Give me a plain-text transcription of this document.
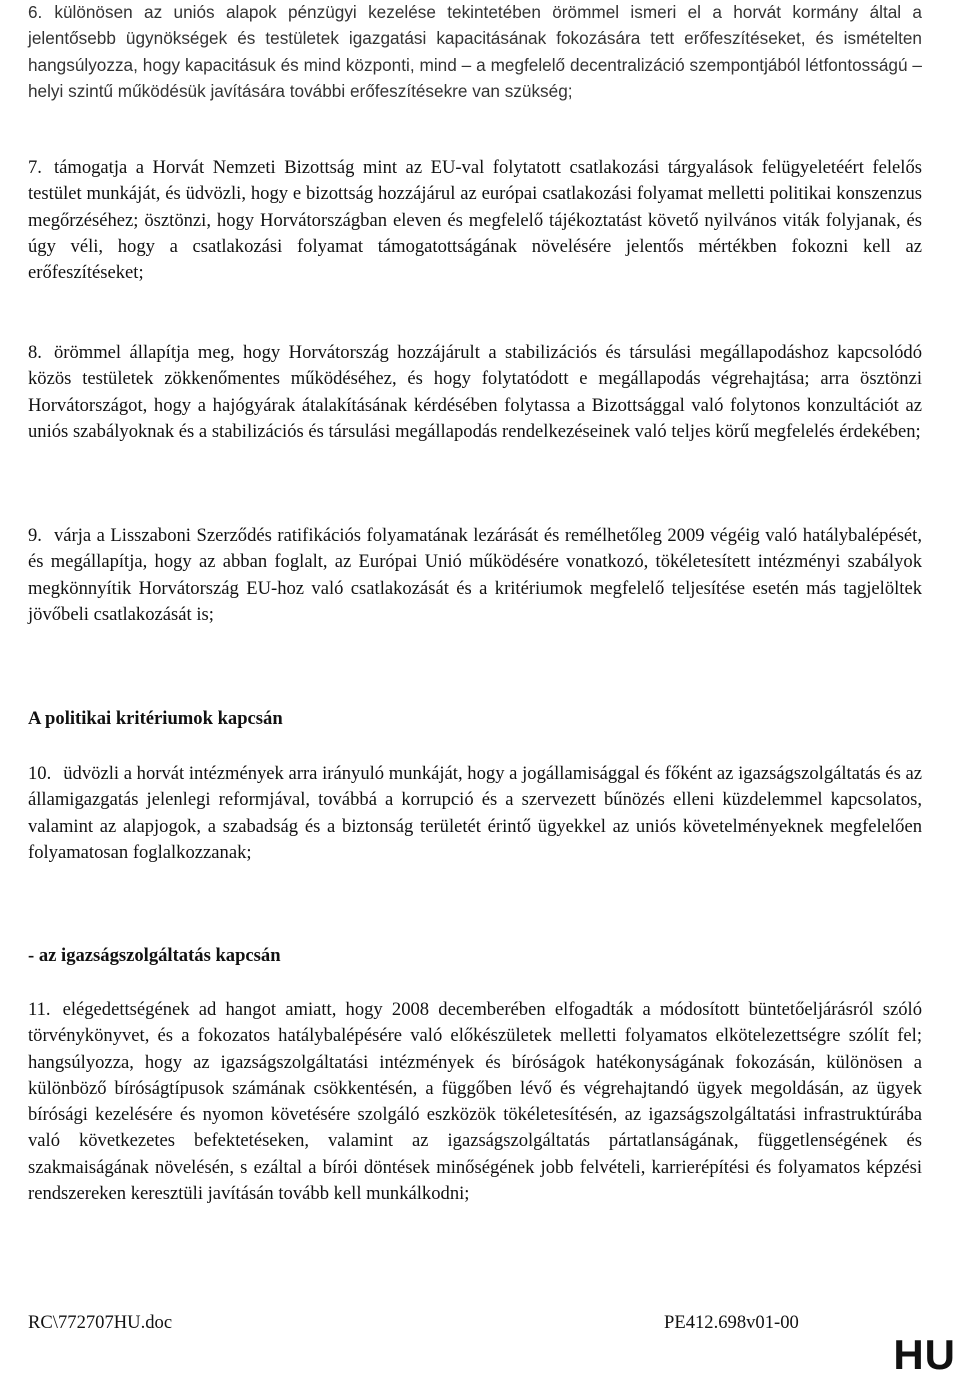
6. különösen az uniós alapok pénzügyi kezelése tekintetében örömmel ismeri el a horvát kormány által a jelentősebb ügynökségek és testületek igazgatási kapacitásának fokozására tett erőfeszítéseket, és ismételten hangsúlyozza, hogy kapacitásuk és mind központi, mind – a megfelelő decentralizáció szempontjából létfontosságú – helyi szintű működésük javítására további erőfeszítésekre van szükség;

7. támogatja a Horvát Nemzeti Bizottság mint az EU-val folytatott csatlakozási tárgyalások felügyeletéért felelős testület munkáját, és üdvözli, hogy e bizottság hozzájárul az európai csatlakozási folyamat melletti politikai konszenzus megőrzéséhez; ösztönzi, hogy Horvátországban eleven és megfelelő tájékoztatást követő nyilvános viták folyjanak, és úgy véli, hogy a csatlakozási folyamat támogatottságának növelésére jelentős mértékben fokozni kell az erőfeszítéseket;

8. örömmel állapítja meg, hogy Horvátország hozzájárult a stabilizációs és társulási megállapodáshoz kapcsolódó közös testületek zökkenőmentes működéséhez, és hogy folytatódott e megállapodás végrehajtása; arra ösztönzi Horvátországot, hogy a hajógyárak átalakításának kérdésében folytassa a Bizottsággal való folytonos konzultációt az uniós szabályoknak és a stabilizációs és társulási megállapodás rendelkezéseinek való teljes körű megfelelés érdekében;

9. várja a Lisszaboni Szerződés ratifikációs folyamatának lezárását és remélhetőleg 2009 végéig való hatálybalépését, és megállapítja, hogy az abban foglalt, az Európai Unió működésére vonatkozó, tökéletesített intézményi szabályok megkönnyítik Horvátország EU-hoz való csatlakozását és a kritériumok megfelelő teljesítése esetén más tagjelöltek jövőbeli csatlakozását is;

A politikai kritériumok kapcsán

10. üdvözli a horvát intézmények arra irányuló munkáját, hogy a jogállamisággal és főként az igazságszolgáltatás és az államigazgatás jelenlegi reformjával, továbbá a korrupció és a szervezett bűnözés elleni küzdelemmel kapcsolatos, valamint az alapjogok, a szabadság és a biztonság területét érintő ügyekkel az uniós követelményeknek megfelelően folyamatosan foglalkozzanak;

- az igazságszolgáltatás kapcsán

11. elégedettségének ad hangot amiatt, hogy 2008 decemberében elfogadták a módosított büntetőeljárásról szóló törvénykönyvet, és a fokozatos hatálybalépésére való előkészületek melletti folyamatos elkötelezettségre szólít fel; hangsúlyozza, hogy az igazságszolgáltatási intézmények és bíróságok hatékonyságának fokozásán, különösen a különböző bíróságtípusok számának csökkentésén, a függőben lévő és végrehajtandó ügyek megoldásán, az ügyek bírósági kezelésére és nyomon követésére szolgáló eszközök tökéletesítésén, az igazságszolgáltatási infrastruktúrába való következetes befektetéseken, valamint az igazságszolgáltatás pártatlanságának, függetlenségének és szakmaiságának növelésén, s ezáltal a bírói döntések minőségének jobb felvételi, karrierépítési és folyamatos képzési rendszereken keresztüli javításán tovább kell munkálkodni;

RC\772707HU.doc	PE412.698v01-00
HU
